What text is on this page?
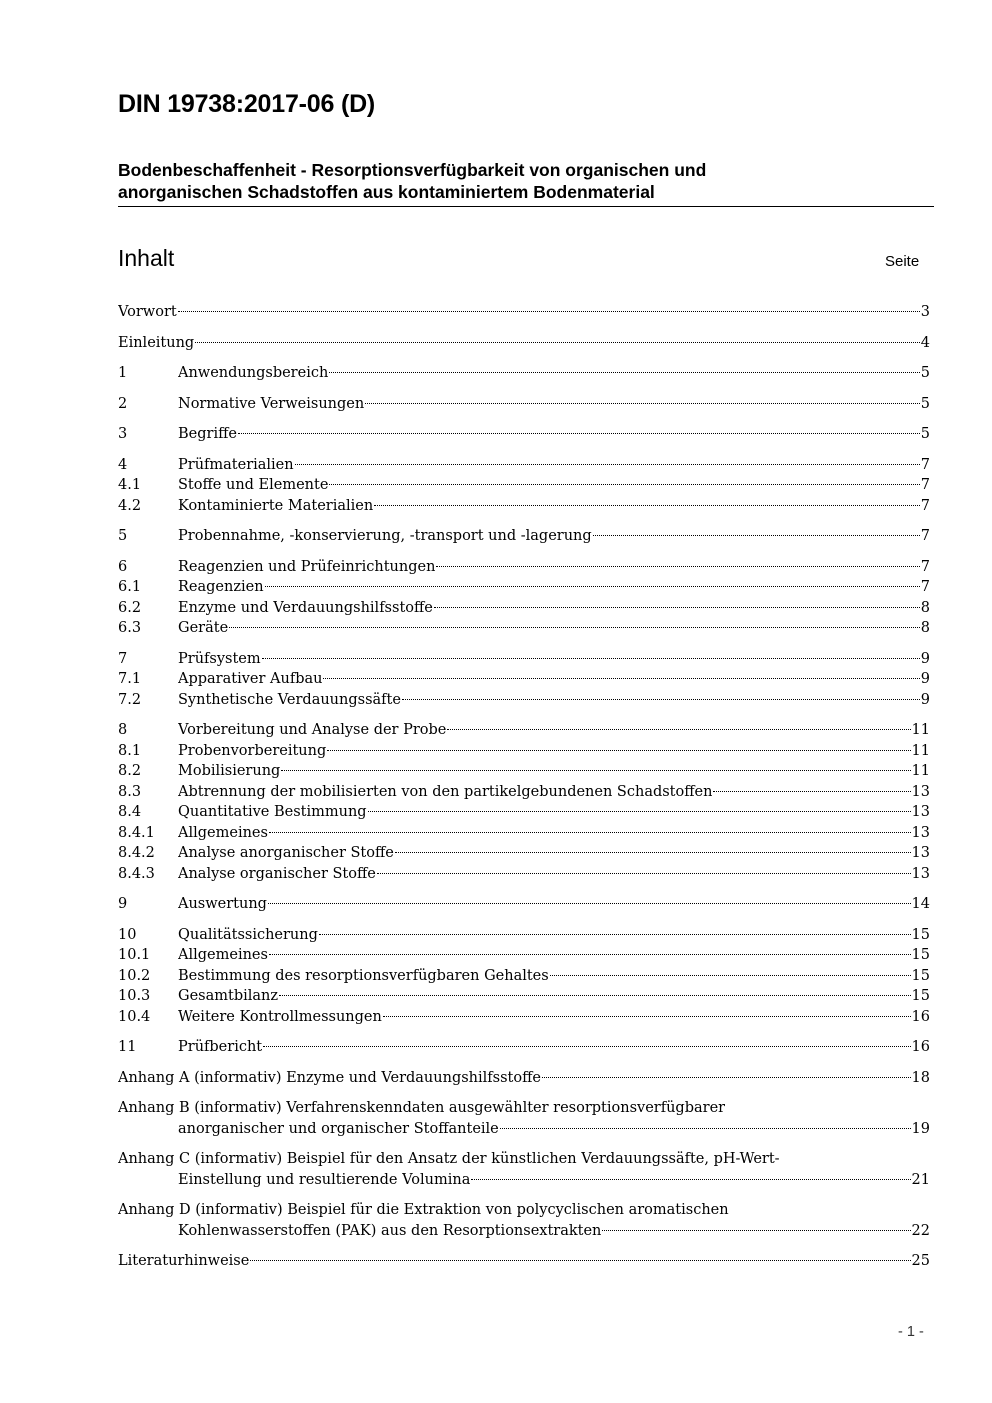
DIN 19738:2017-06 (D)
Bodenbeschaffenheit - Resorptionsverfügbarkeit von organischen und
anorganischen Schadstoffen aus kontaminiertem Bodenmaterial
Inhalt	Seite
Vorwort	3
Einleitung	4
1	Anwendungsbereich	5
2	Normative Verweisungen	5
3	Begriffe	5
4	Prüfmaterialien	7
4.1	Stoffe und Elemente	7
4.2	Kontaminierte Materialien	7
5	Probennahme, -konservierung, -transport und -lagerung	7
6	Reagenzien und Prüfeinrichtungen	7
6.1	Reagenzien	7
6.2	Enzyme und Verdauungshilfsstoffe	8
6.3	Geräte	8
7	Prüfsystem	9
7.1	Apparativer Aufbau	9
7.2	Synthetische Verdauungssäfte	9
8	Vorbereitung und Analyse der Probe	11
8.1	Probenvorbereitung	11
8.2	Mobilisierung	11
8.3	Abtrennung der mobilisierten von den partikelgebundenen Schadstoffen	13
8.4	Quantitative Bestimmung	13
8.4.1	Allgemeines	13
8.4.2	Analyse anorganischer Stoffe	13
8.4.3	Analyse organischer Stoffe	13
9	Auswertung	14
10	Qualitätssicherung	15
10.1	Allgemeines	15
10.2	Bestimmung des resorptionsverfügbaren Gehaltes	15
10.3	Gesamtbilanz	15
10.4	Weitere Kontrollmessungen	16
11	Prüfbericht	16
Anhang A (informativ) Enzyme und Verdauungshilfsstoffe	18
Anhang B (informativ) Verfahrenskenndaten ausgewählter resorptionsverfügbarer
anorganischer und organischer Stoffanteile	19
Anhang C (informativ) Beispiel für den Ansatz der künstlichen Verdauungssäfte, pH-Wert-
Einstellung und resultierende Volumina	21
Anhang D (informativ) Beispiel für die Extraktion von polycyclischen aromatischen
Kohlenwasserstoffen (PAK) aus den Resorptionsextrakten	22
Literaturhinweise	25
- 1 -
